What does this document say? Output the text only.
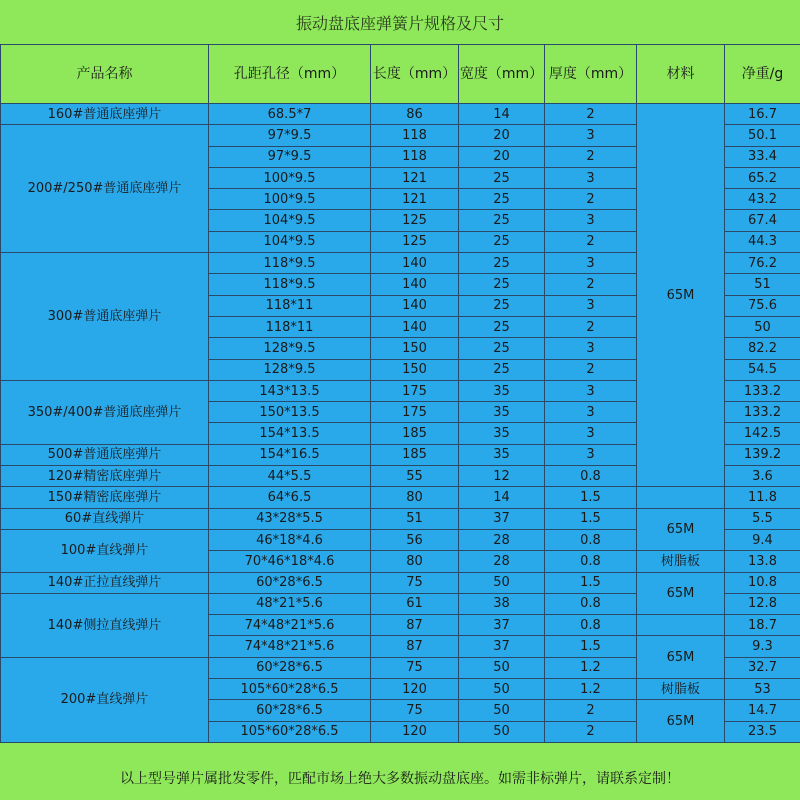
振动盘底座弹簧片规格及尺寸
产品名称	孔距孔径（mm）	长度（mm）	宽度（mm）	厚度（mm）	材料	净重/g
160#普通底座弹片	68.5*7	86	14	2	65M	16.7
200#/250#普通底座弹片	97*9.5	118	20	3		50.1
	97*9.5	118	20	2		33.4
	100*9.5	121	25	3		65.2
	100*9.5	121	25	2		43.2
	104*9.5	125	25	3		67.4
	104*9.5	125	25	2		44.3
300#普通底座弹片	118*9.5	140	25	3		76.2
	118*9.5	140	25	2		51
	118*11	140	25	3		75.6
	118*11	140	25	2		50
	128*9.5	150	25	3		82.2
	128*9.5	150	25	2		54.5
350#/400#普通底座弹片	143*13.5	175	35	3		133.2
	150*13.5	175	35	3		133.2
	154*13.5	185	35	3		142.5
500#普通底座弹片	154*16.5	185	35	3		139.2
120#精密底座弹片	44*5.5	55	12	0.8		3.6
150#精密底座弹片	64*6.5	80	14	1.5		11.8
60#直线弹片	43*28*5.5	51	37	1.5	65M	5.5
100#直线弹片	46*18*4.6	56	28	0.8		9.4
	70*46*18*4.6	80	28	0.8	树脂板	13.8
140#正拉直线弹片	60*28*6.5	75	50	1.5	65M	10.8
140#侧拉直线弹片	48*21*5.6	61	38	0.8		12.8
	74*48*21*5.6	87	37	0.8		18.7
	74*48*21*5.6	87	37	1.5	65M	9.3
200#直线弹片	60*28*6.5	75	50	1.2		32.7
	105*60*28*6.5	120	50	1.2	树脂板	53
	60*28*6.5	75	50	2	65M	14.7
	105*60*28*6.5	120	50	2		23.5
以上型号弹片属批发零件，匹配市场上绝大多数振动盘底座。如需非标弹片，请联系定制！
